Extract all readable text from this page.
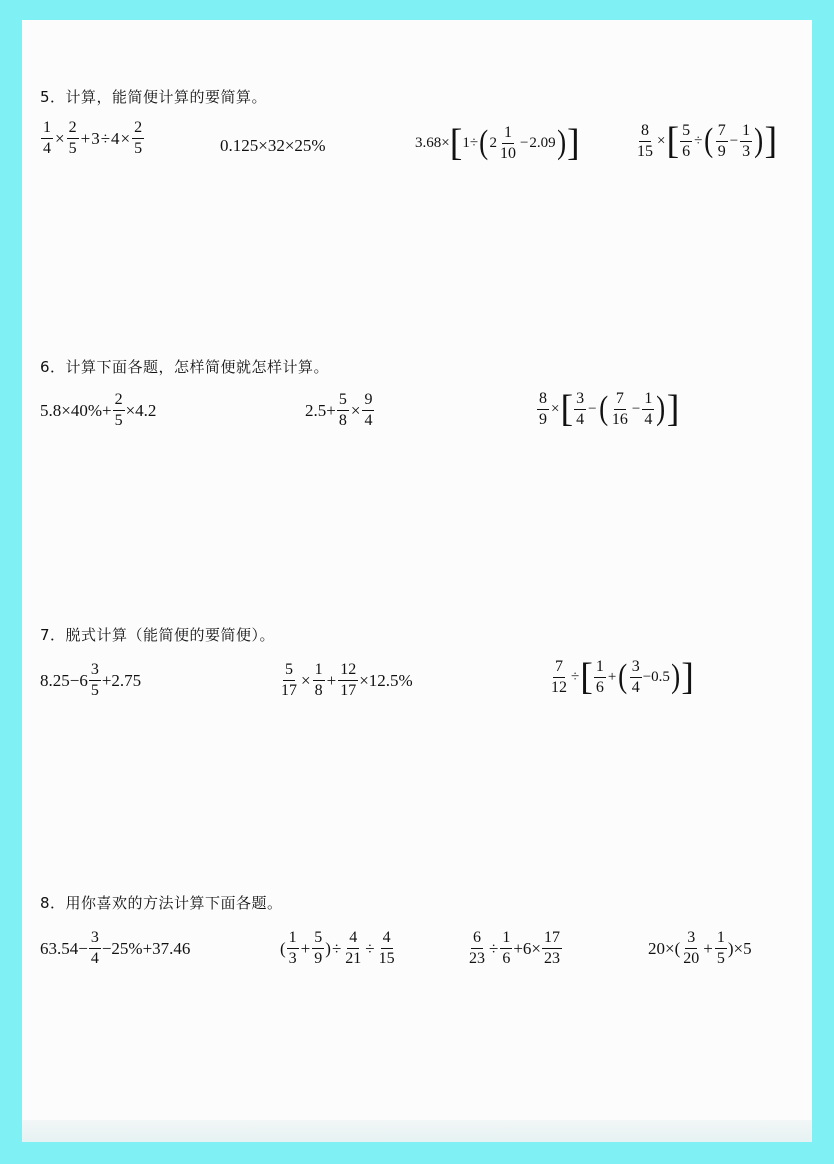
5．计算，能简便计算的要简算。
$\frac{1}{4} \times \frac{2}{5} + 3 \div 4 \times \frac{2}{5}$	0.125×32×25%	3.68× [ 1÷ ( $2 \frac{1}{10} - 2.09$ ) ]	$\frac{8}{15}$ × [ $\frac{5}{6}$ ÷ ( $\frac{7}{9} - \frac{1}{3}$ ) ]
6．计算下面各题，怎样简便就怎样计算。
$5.8\times 40\%+ \frac{2}{5} \times 4.2$	$2.5+ \frac{5}{8} \times \frac{9}{4}$	$\frac{8}{9}$ × [ $\frac{3}{4}$ − ( $\frac{7}{16} - \frac{1}{4}$ ) ]
7．脱式计算（能简便的要简便）。
$8.25-6 \frac{3}{5} +2.75$	$\frac{5}{17} \times \frac{1}{8} + \frac{12}{17} \times 12.5\%$	$\frac{7}{12}$ ÷ [ $\frac{1}{6}$ + ( $\frac{3}{4} -0.5$ ) ]
8．用你喜欢的方法计算下面各题。
$63.54- \frac{3}{4} -25\%+37.46$	( $\frac{1}{3} + \frac{5}{9}$ ) ÷ $\frac{4}{21} \div \frac{4}{15}$	$\frac{6}{23} \div \frac{1}{6} +6\times \frac{17}{23}$	$20\times( \frac{3}{20} + \frac{1}{5} )\times 5$
